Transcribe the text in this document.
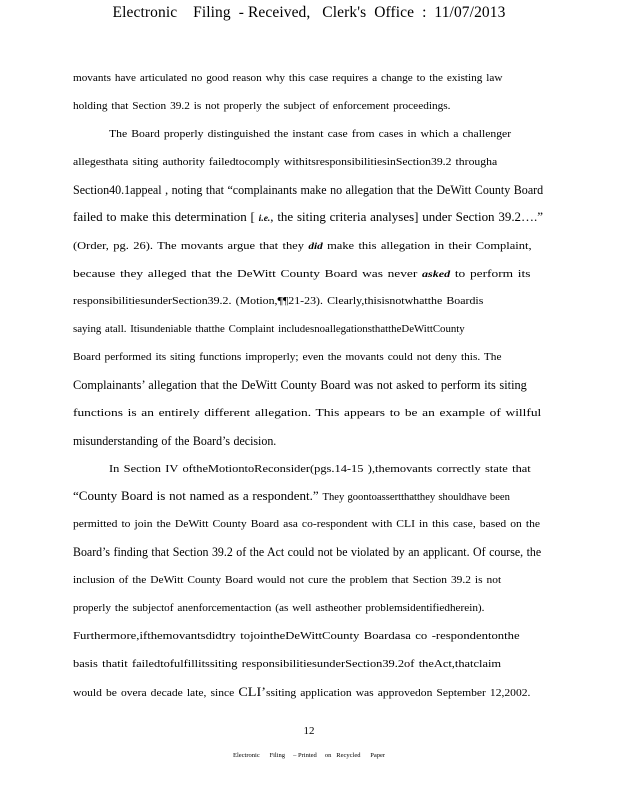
Electronic    Filing  - Received,   Clerk's  Office  :  11/07/2013
movants have articulated no good reason why this case requires a change to the existing law
holding that Section 39.2 is not properly the subject of enforcement proceedings.
The Board properly distinguished the instant case from cases in which a challenger
allegesthata siting authority failedtocomply withitsresponsibilitiesinSection39.2 througha
Section40.1appeal , noting that “complainants make no allegation that the DeWitt County Board
failed to make this determination [ i.e., the siting criteria analyses] under Section 39.2….”
(Order, pg. 26). The movants argue that they did make this allegation in their Complaint,
because they alleged that the DeWitt County Board was never asked to perform its
responsibilitiesunderSection39.2. (Motion,¶¶21-23). Clearly,thisisnotwhatthe Boardis
saying atall. Itisundeniable thatthe Complaint includesnoallegationsthattheDeWittCounty
Board performed its siting functions improperly; even the movants could not deny this. The
Complainants’ allegation that the DeWitt County Board was not asked to perform its siting
functions is an entirely different allegation. This appears to be an example of willful
misunderstanding of the Board’s decision.
In Section IV oftheMotiontoReconsider(pgs.14-15 ),themovants correctly state that
“County Board is not named as a respondent.” They goontoassertthatthey shouldhave been
permitted to join the DeWitt County Board asa co-respondent with CLI in this case, based on the
Board’s finding that Section 39.2 of the Act could not be violated by an applicant. Of course, the
inclusion of the DeWitt County Board would not cure the problem that Section 39.2 is not
properly the subjectof anenforcementaction (as well astheother problemsidentifiedherein).
Furthermore,ifthemovantsdidtry tojointheDeWittCounty Boardasa co -respondentonthe
basis thatit failedtofulfillitssiting responsibilitiesunderSection39.2of theAct,thatclaim
would be overa decade late, since CLI’ssiting application was approvedon September 12,2002.
12
Electronic      Filing     – Printed     on   Recycled      Paper
